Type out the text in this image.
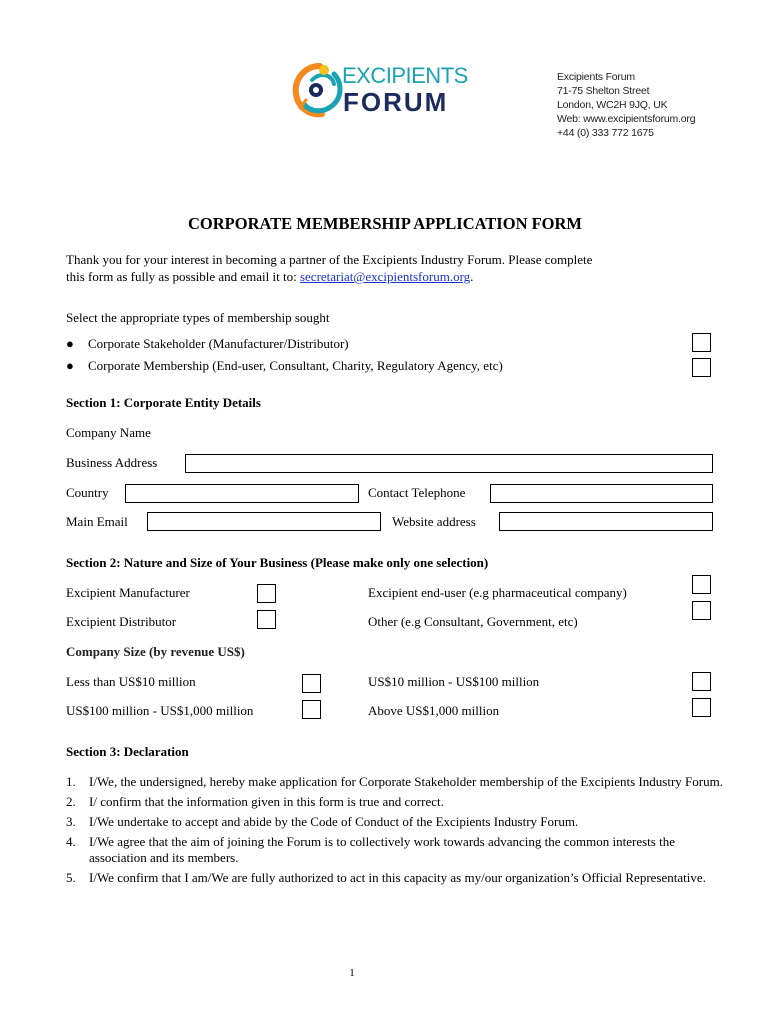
EXCIPIENTS
FORUM
Excipients Forum
71-75 Shelton Street
London, WC2H 9JQ, UK
Web: www.excipientsforum.org
+44 (0) 333 772 1675
CORPORATE MEMBERSHIP APPLICATION FORM
Thank you for your interest in becoming a partner of the Excipients Industry Forum. Please complete
this form as fully as possible and email it to: secretariat@excipientsforum.org.
Select the appropriate types of membership sought
● Corporate Stakeholder (Manufacturer/Distributor)
● Corporate Membership (End-user, Consultant, Charity, Regulatory Agency, etc)
Section 1: Corporate Entity Details
Company Name
Business Address
Country	Contact Telephone
Main Email	Website address
Section 2: Nature and Size of Your Business (Please make only one selection)
Excipient Manufacturer	Excipient end-user (e.g pharmaceutical company)
Excipient Distributor	Other (e.g Consultant, Government, etc)
Company Size (by revenue US$)
Less than US$10 million	US$10 million - US$100 million
US$100 million - US$1,000 million	Above US$1,000 million
Section 3: Declaration
1. I/We, the undersigned, hereby make application for Corporate Stakeholder membership of the Excipients Industry Forum.
2. I/ confirm that the information given in this form is true and correct.
3. I/We undertake to accept and abide by the Code of Conduct of the Excipients Industry Forum.
4. I/We agree that the aim of joining the Forum is to collectively work towards advancing the common interests the association and its members.
5. I/We confirm that I am/We are fully authorized to act in this capacity as my/our organization’s Official Representative.
1
